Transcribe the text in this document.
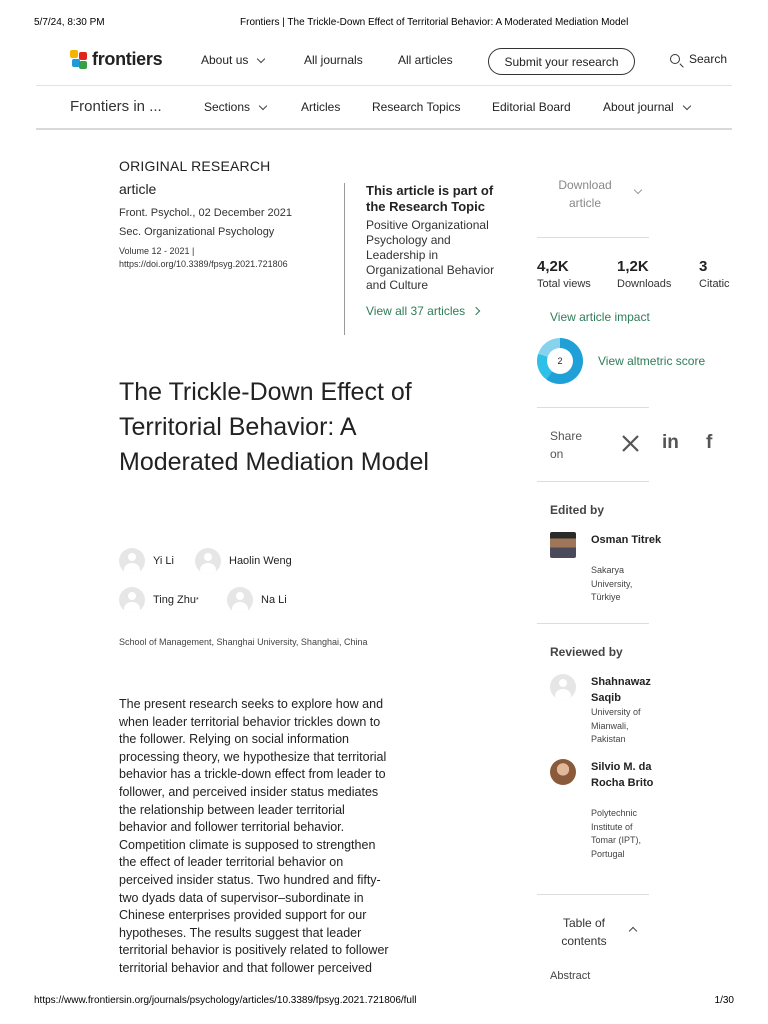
5/7/24, 8:30 PM	Frontiers | The Trickle-Down Effect of Territorial Behavior: A Moderated Mediation Model
frontiers	About us	All journals	All articles	Submit your research	Search
Frontiers in ...	Sections	Articles	Research Topics	Editorial Board	About journal
ORIGINAL RESEARCH
article
Front. Psychol., 02 December 2021
Sec. Organizational Psychology
Volume 12 - 2021 |
https://doi.org/10.3389/fpsyg.2021.721806
This article is part of the Research Topic
Positive Organizational Psychology and Leadership in Organizational Behavior and Culture
View all 37 articles
The Trickle-Down Effect of Territorial Behavior: A Moderated Mediation Model
Yi Li	Haolin Weng
Ting Zhu *	Na Li
School of Management, Shanghai University, Shanghai, China
The present research seeks to explore how and
when leader territorial behavior trickles down to
the follower. Relying on social information
processing theory, we hypothesize that territorial
behavior has a trickle-down effect from leader to
follower, and perceived insider status mediates
the relationship between leader territorial
behavior and follower territorial behavior.
Competition climate is supposed to strengthen
the effect of leader territorial behavior on
perceived insider status. Two hundred and fifty-
two dyads data of supervisor–subordinate in
Chinese enterprises provided support for our
hypotheses. The results suggest that leader
territorial behavior is positively related to follower
territorial behavior and that follower perceived
Download article
4,2K
Total views
1,2K
Downloads
3
Citatic
View article impact
2	View altmetric score
Share on
in f
Edited by
Osman Titrek
Sakarya University, Türkiye
Reviewed by
Shahnawaz Saqib
University of Mianwali, Pakistan
Silvio M. da Rocha Brito
Polytechnic Institute of Tomar (IPT), Portugal
Table of contents
Abstract
https://www.frontiersin.org/journals/psychology/articles/10.3389/fpsyg.2021.721806/full	1/30
